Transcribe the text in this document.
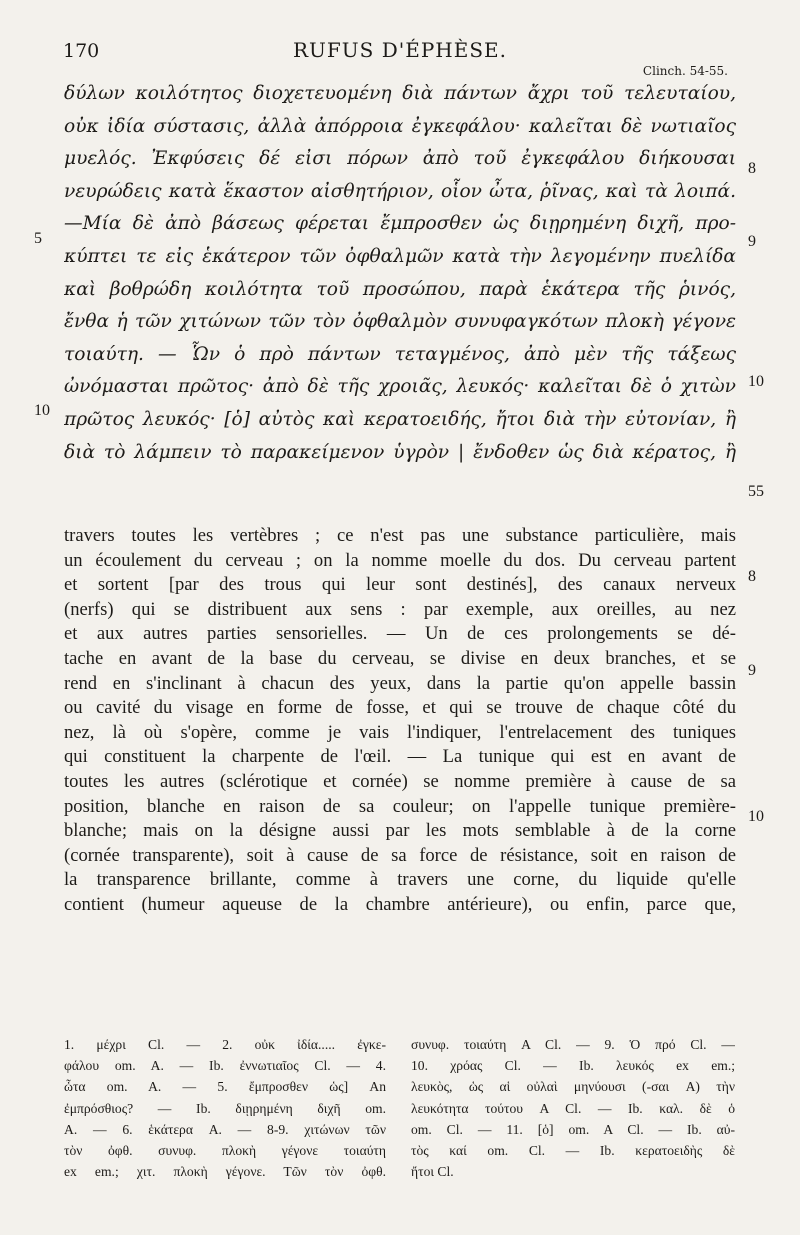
170	RUFUS D'ÉPHÈSE.
Clinch. 54-55.
δύλων κοιλότητος διοχετευομένη διὰ πάντων ἄχρι τοῦ τελευταίου,
οὐκ ἰδία σύστασις, ἀλλὰ ἀπόρροια ἐγκεφάλου· καλεῖται δὲ νωτιαῖος
μυελός. Ἐκφύσεις δέ εἰσι πόρων ἀπὸ τοῦ ἐγκεφάλου διήκουσαι
νευρώδεις κατὰ ἕκαστον αἰσθητήριον, οἷον ὦτα, ῥῖνας, καὶ τὰ λοιπά.
—Μία δὲ ἀπὸ βάσεως φέρεται ἔμπροσθεν ὡς διῃρημένη διχῆ, προ-
κύπτει τε εἰς ἑκάτερον τῶν ὀφθαλμῶν κατὰ τὴν λεγομένην πυελίδα
καὶ βοθρώδη κοιλότητα τοῦ προσώπου, παρὰ ἑκάτερα τῆς ῥινός,
ἔνθα ἡ τῶν χιτώνων τῶν τὸν ὀφθαλμὸν συνυφαγκότων πλοκὴ γέγονε
τοιαύτη. — Ὧν ὁ πρὸ πάντων τεταγμένος, ἀπὸ μὲν τῆς τάξεως
ὠνόμασται πρῶτος· ἀπὸ δὲ τῆς χροιᾶς, λευκός· καλεῖται δὲ ὁ χιτὼν
πρῶτος λευκός· [ὁ] αὐτὸς καὶ κερατοειδής, ἤτοι διὰ τὴν εὐτονίαν, ἢ
διὰ τὸ λάμπειν τὸ παρακείμενον ὑγρὸν | ἔνδοθεν ὡς διὰ κέρατος, ἢ
8
9
10
55
5
10
travers toutes les vertèbres ; ce n'est pas une substance particulière, mais
un écoulement du cerveau ; on la nomme moelle du dos. Du cerveau partent
et sortent [par des trous qui leur sont destinés], des canaux nerveux
(nerfs) qui se distribuent aux sens : par exemple, aux oreilles, au nez
et aux autres parties sensorielles. — Un de ces prolongements se dé-
tache en avant de la base du cerveau, se divise en deux branches, et se
rend en s'inclinant à chacun des yeux, dans la partie qu'on appelle bassin
ou cavité du visage en forme de fosse, et qui se trouve de chaque côté du
nez, là où s'opère, comme je vais l'indiquer, l'entrelacement des tuniques
qui constituent la charpente de l'œil. — La tunique qui est en avant de
toutes les autres (sclérotique et cornée) se nomme première à cause de sa
position, blanche en raison de sa couleur; on l'appelle tunique première-
blanche; mais on la désigne aussi par les mots semblable à de la corne
(cornée transparente), soit à cause de sa force de résistance, soit en raison de
la transparence brillante, comme à travers une corne, du liquide qu'elle
contient (humeur aqueuse de la chambre antérieure), ou enfin, parce que,
8
9
10
1. μέχρι Cl. — 2. οὐκ ἰδία..... ἐγκε-
φάλου om. A. — Ib. ἐννωτιαῖος Cl. — 4.
ὦτα om. A. — 5. ἔμπροσθεν ὡς] An
ἐμπρόσθιος? — Ib. διῃρημένη διχῆ om.
A. — 6. ἑκάτερα A. — 8-9. χιτώνων τῶν
τὸν ὀφθ. συνυφ. πλοκὴ γέγονε τοιαύτη
ex em.; χιτ. πλοκὴ γέγονε. Τῶν τὸν ὀφθ.
συνυφ. τοιαύτη A Cl. — 9. Ὁ πρό Cl. —
10. χρόας Cl. — Ib. λευκός ex em.;
λευκὸς, ὡς αἱ οὐλαὶ μηνύουσι (-σαι A) τὴν
λευκότητα τούτου A Cl. — Ib. καλ. δὲ ὁ
om. Cl. — 11. [ὁ] om. A Cl. — Ib. αὐ-
τὸς καί om. Cl. — Ib. κερατοειδὴς δὲ
ἤτοι Cl.
